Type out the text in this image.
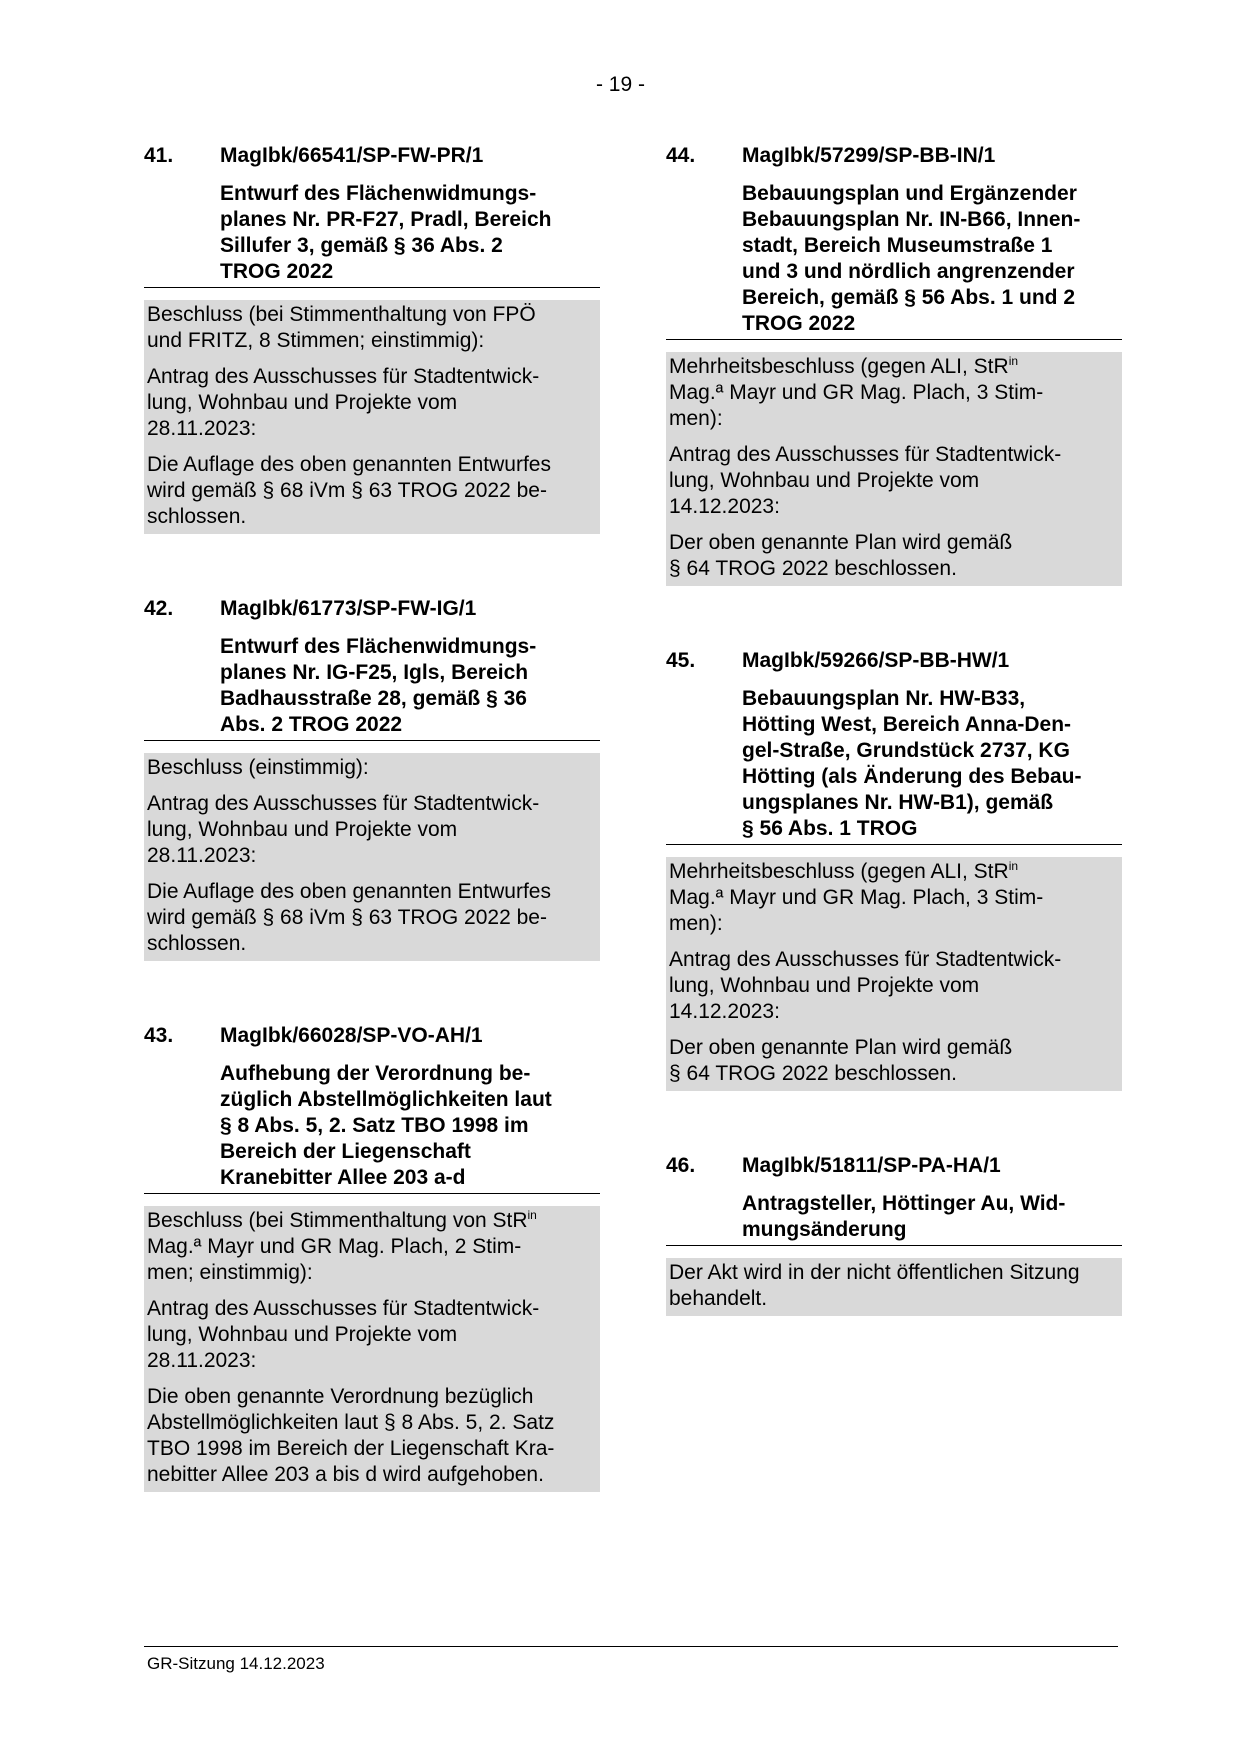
- 19 -
41.	MagIbk/66541/SP-FW-PR/1
Entwurf des Flächenwidmungs-
planes Nr. PR-F27, Pradl, Bereich
Sillufer 3, gemäß § 36 Abs. 2
TROG 2022

Beschluss (bei Stimmenthaltung von FPÖ
und FRITZ, 8 Stimmen; einstimmig):

Antrag des Ausschusses für Stadtentwick-
lung, Wohnbau und Projekte vom
28.11.2023:

Die Auflage des oben genannten Entwurfes
wird gemäß § 68 iVm § 63 TROG 2022 be-
schlossen.

42.	MagIbk/61773/SP-FW-IG/1
Entwurf des Flächenwidmungs-
planes Nr. IG-F25, Igls, Bereich
Badhausstraße 28, gemäß § 36
Abs. 2 TROG 2022

Beschluss (einstimmig):

Antrag des Ausschusses für Stadtentwick-
lung, Wohnbau und Projekte vom
28.11.2023:

Die Auflage des oben genannten Entwurfes
wird gemäß § 68 iVm § 63 TROG 2022 be-
schlossen.

43.	MagIbk/66028/SP-VO-AH/1
Aufhebung der Verordnung be-
züglich Abstellmöglichkeiten laut
§ 8 Abs. 5, 2. Satz TBO 1998 im
Bereich der Liegenschaft
Kranebitter Allee 203 a-d

Beschluss (bei Stimmenthaltung von StR$^{in}$
Mag.ª Mayr und GR Mag. Plach, 2 Stim-
men; einstimmig):

Antrag des Ausschusses für Stadtentwick-
lung, Wohnbau und Projekte vom
28.11.2023:

Die oben genannte Verordnung bezüglich
Abstellmöglichkeiten laut § 8 Abs. 5, 2. Satz
TBO 1998 im Bereich der Liegenschaft Kra-
nebitter Allee 203 a bis d wird aufgehoben.

44.	MagIbk/57299/SP-BB-IN/1
Bebauungsplan und Ergänzender
Bebauungsplan Nr. IN-B66, Innen-
stadt, Bereich Museumstraße 1
und 3 und nördlich angrenzender
Bereich, gemäß § 56 Abs. 1 und 2
TROG 2022

Mehrheitsbeschluss (gegen ALI, StR$^{in}$
Mag.ª Mayr und GR Mag. Plach, 3 Stim-
men):

Antrag des Ausschusses für Stadtentwick-
lung, Wohnbau und Projekte vom
14.12.2023:

Der oben genannte Plan wird gemäß
§ 64 TROG 2022 beschlossen.

45.	MagIbk/59266/SP-BB-HW/1
Bebauungsplan Nr. HW-B33,
Hötting West, Bereich Anna-Den-
gel-Straße, Grundstück 2737, KG
Hötting (als Änderung des Bebau-
ungsplanes Nr. HW-B1), gemäß
§ 56 Abs. 1 TROG

Mehrheitsbeschluss (gegen ALI, StR$^{in}$
Mag.ª Mayr und GR Mag. Plach, 3 Stim-
men):

Antrag des Ausschusses für Stadtentwick-
lung, Wohnbau und Projekte vom
14.12.2023:

Der oben genannte Plan wird gemäß
§ 64 TROG 2022 beschlossen.

46.	MagIbk/51811/SP-PA-HA/1
Antragsteller, Höttinger Au, Wid-
mungsänderung

Der Akt wird in der nicht öffentlichen Sitzung
behandelt.

GR-Sitzung 14.12.2023
